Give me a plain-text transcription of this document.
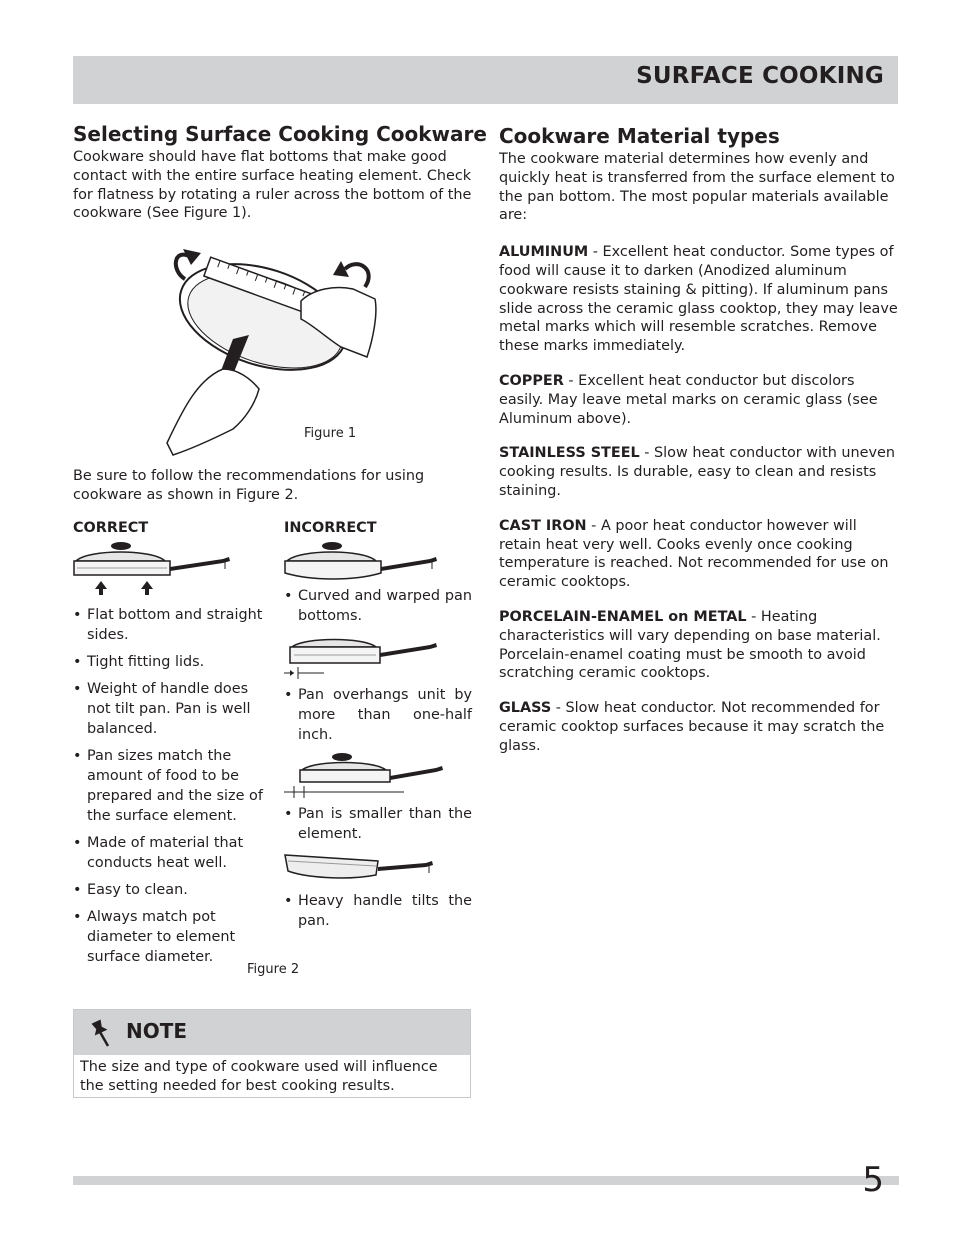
SURFACE COOKING
Selecting Surface Cooking Cookware

Cookware should have flat bottoms that make good contact with the entire surface heating element. Check for flatness by rotating a ruler across the bottom of the cookware (See Figure 1).

Figure 1

Be sure to follow the recommendations for using cookware as shown in Figure 2.

CORRECT
• Flat bottom and straight sides.
• Tight fitting lids.
• Weight of handle does not tilt pan. Pan is well balanced.
• Pan sizes match the amount of food to be prepared and the size of the surface element.
• Made of material that conducts heat well.
• Easy to clean.
• Always match pot diameter to element surface diameter.
INCORRECT
• Curved and warped pan bottoms.
• Pan overhangs unit by more than one-half inch.
• Pan is smaller than the element.
• Heavy handle tilts the pan.
Figure 2
NOTE
The size and type of cookware used will influence the setting needed for best cooking results.
Cookware Material types

The cookware material determines how evenly and quickly heat is transferred from the surface element to the pan bottom. The most popular materials available are:

ALUMINUM - Excellent heat conductor. Some types of food will cause it to darken (Anodized aluminum cookware resists staining & pitting). If aluminum pans slide across the ceramic glass cooktop, they may leave metal marks which will resemble scratches. Remove these marks immediately.
COPPER - Excellent heat conductor but discolors easily. May leave metal marks on ceramic glass (see Aluminum above).
STAINLESS STEEL - Slow heat conductor with uneven cooking results. Is durable, easy to clean and resists staining.
CAST IRON - A poor heat conductor however will retain heat very well. Cooks evenly once cooking temperature is reached. Not recommended for use on ceramic cooktops.
PORCELAIN-ENAMEL on METAL - Heating characteristics will vary depending on base material. Porcelain-enamel coating must be smooth to avoid scratching ceramic cooktops.
GLASS - Slow heat conductor. Not recommended for ceramic cooktop surfaces because it may scratch the glass.
5
